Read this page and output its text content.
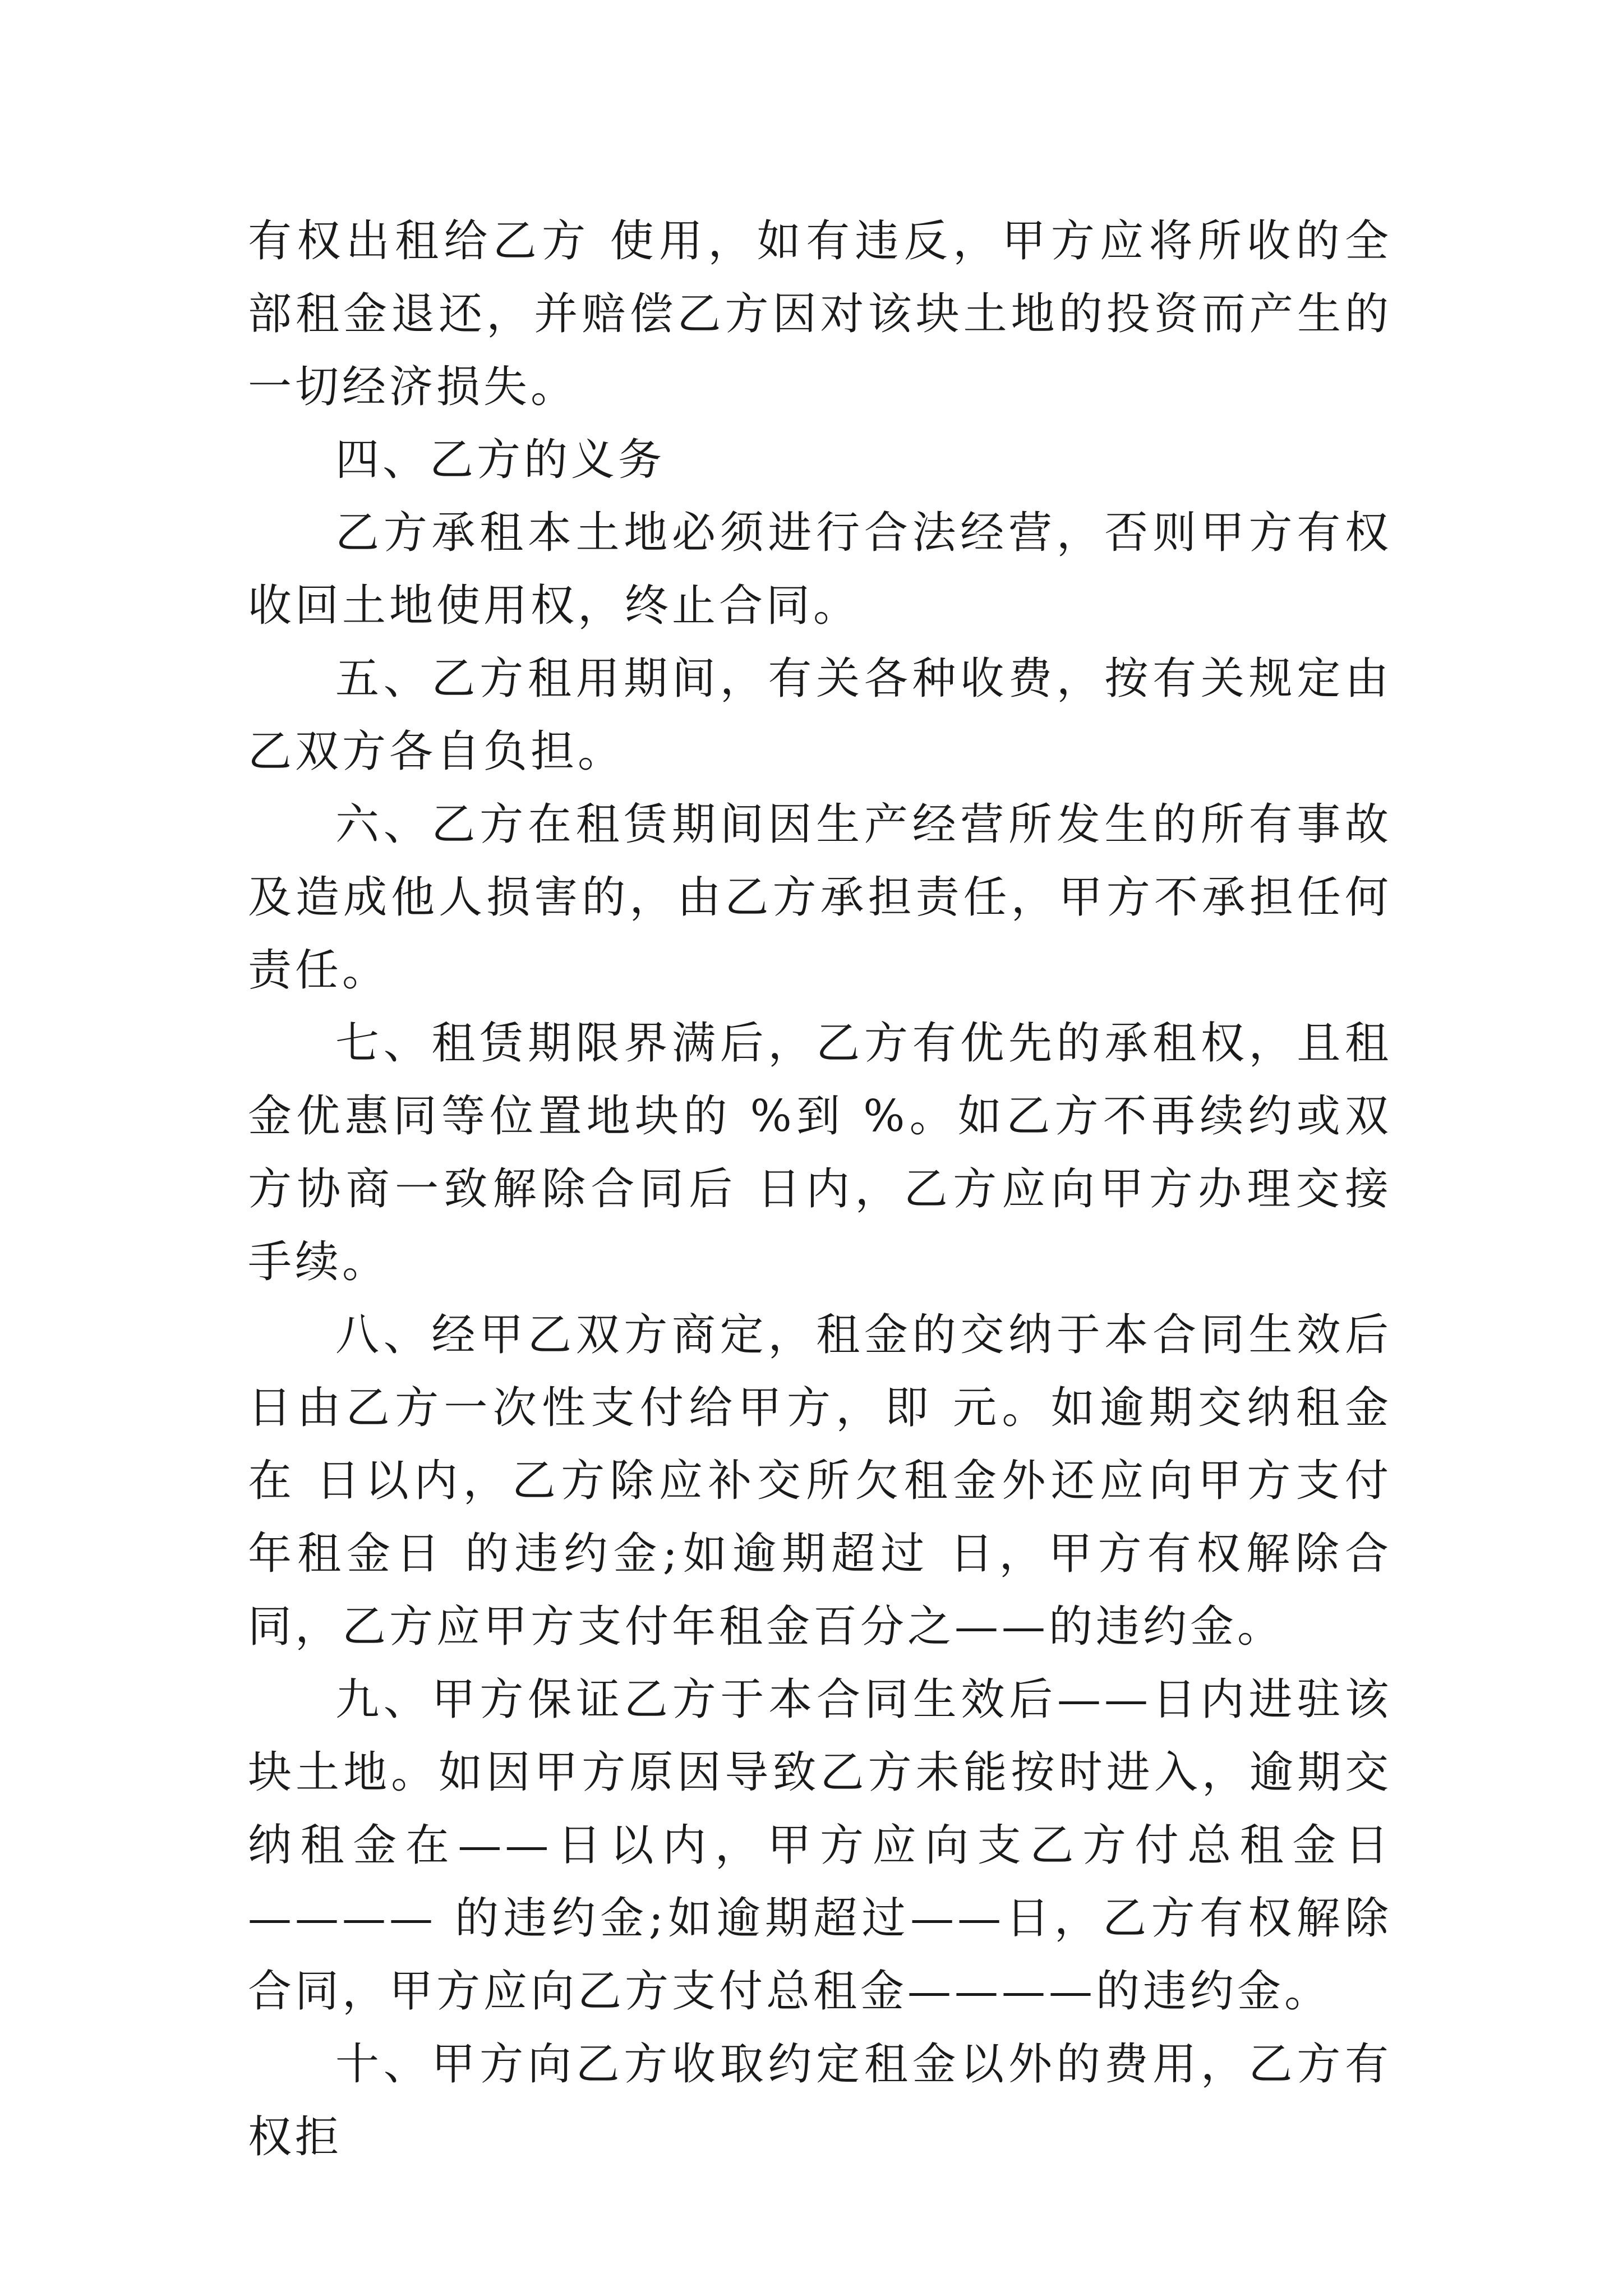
有权出租给乙方 使用，如有违反，甲方应将所收的全部租金退还，并赔偿乙方因对该块土地的投资而产生的一切经济损失。

四、乙方的义务

乙方承租本土地必须进行合法经营，否则甲方有权收回土地使用权，终止合同。

五、乙方租用期间，有关各种收费，按有关规定由乙双方各自负担。

六、乙方在租赁期间因生产经营所发生的所有事故及造成他人损害的，由乙方承担责任，甲方不承担任何责任。

七、租赁期限界满后，乙方有优先的承租权，且租金优惠同等位置地块的 %到 %。如乙方不再续约或双方协商一致解除合同后 日内，乙方应向甲方办理交接手续。

八、经甲乙双方商定，租金的交纳于本合同生效后 日由乙方一次性支付给甲方，即 元。如逾期交纳租金在 日以内，乙方除应补交所欠租金外还应向甲方支付年租金日 的违约金;如逾期超过 日，甲方有权解除合同，乙方应甲方支付年租金百分之——的违约金。

九、甲方保证乙方于本合同生效后——日内进驻该块土地。如因甲方原因导致乙方未能按时进入，逾期交纳租金在——日以内，甲方应向支乙方付总租金日———— 的违约金;如逾期超过——日，乙方有权解除合同，甲方应向乙方支付总租金————的违约金。

十、甲方向乙方收取约定租金以外的费用，乙方有权拒
